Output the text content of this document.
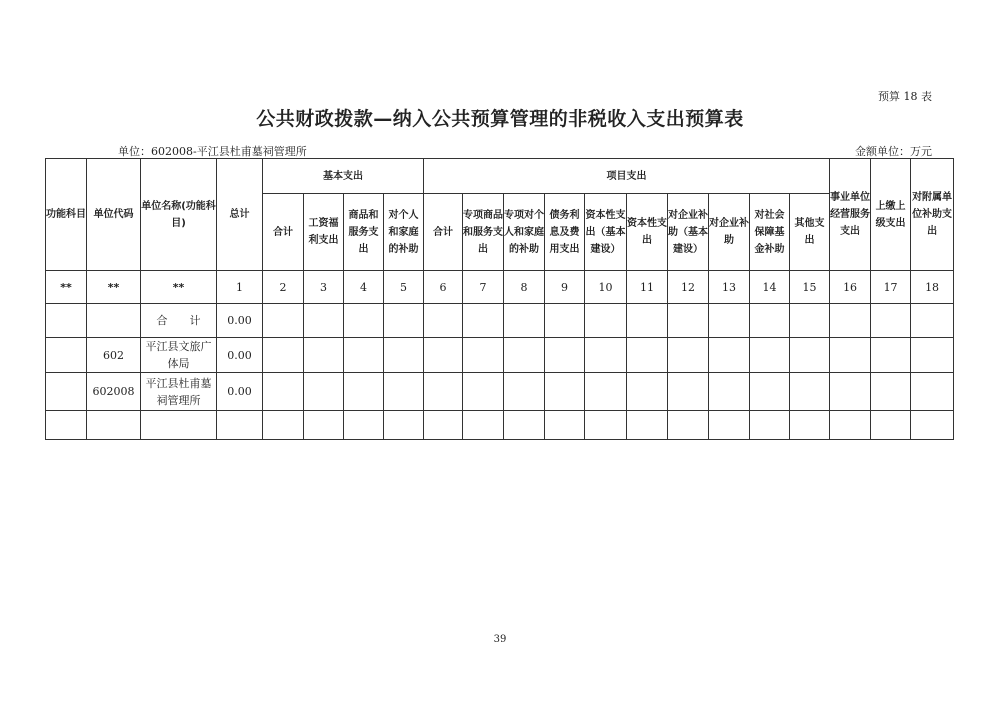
预算 18 表
公共财政拨款—纳入公共预算管理的非税收入支出预算表
单位：602008-平江县杜甫墓祠管理所	金额单位：万元
功能科目	单位代码	单位名称(功能科目)	总计	基本支出				项目支出										事业单位经营服务支出	上缴上级支出	对附属单位补助支出
				合计	工资福利支出	商品和服务支出	对个人和家庭的补助	合计	专项商品和服务支出	专项对个人和家庭的补助	债务利息及费用支出	资本性支出（基本建设）	资本性支出	对企业补助（基本建设）	对企业补助	对社会保障基金补助	其他支出			
**	**	**	1	2	3	4	5	6	7	8	9	10	11	12	13	14	15	16	17	18
		合　　计	0.00																	
	602	平江县文旅广体局	0.00																	
	602008	平江县杜甫墓祠管理所	0.00																	

39
